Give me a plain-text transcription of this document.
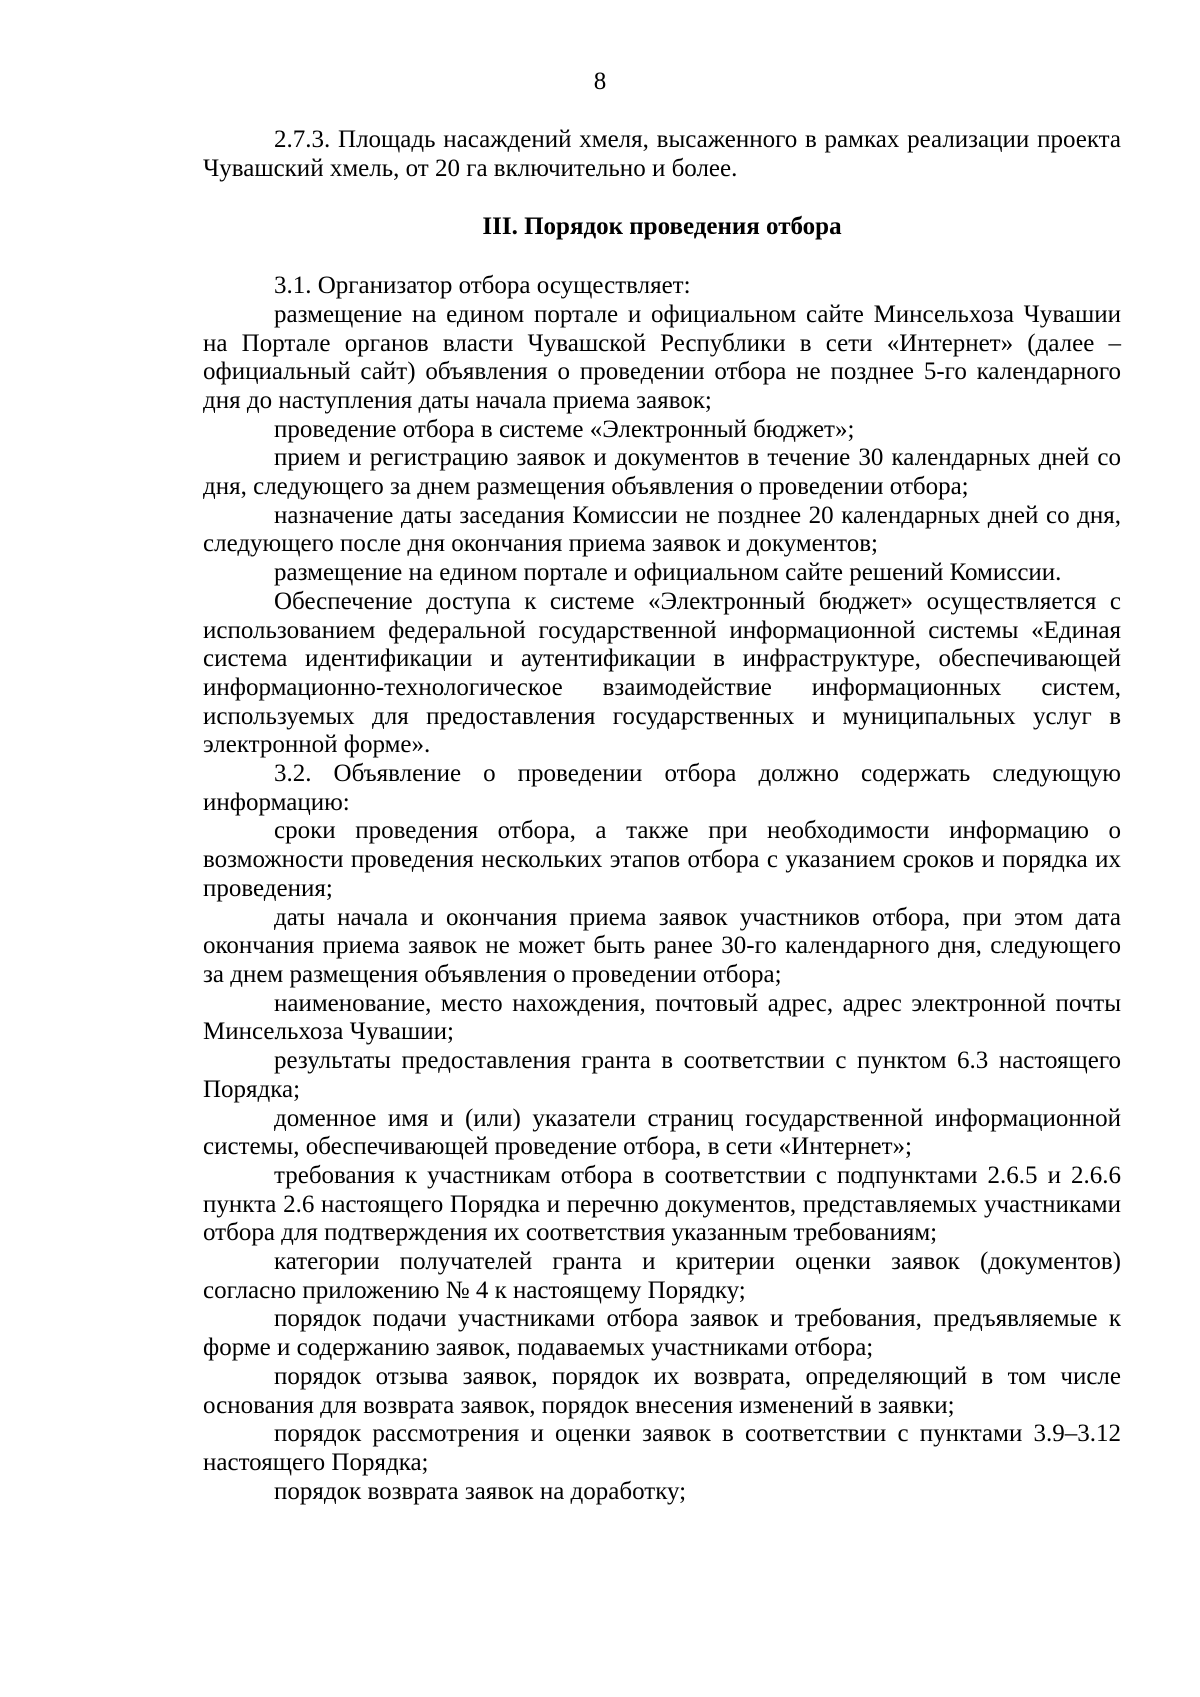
8

2.7.3. Площадь насаждений хмеля, высаженного в рамках реализации проекта Чувашский хмель, от 20 га включительно и более.

III. Порядок проведения отбора

3.1. Организатор отбора осуществляет:

размещение на едином портале и официальном сайте Минсельхоза Чувашии на Портале органов власти Чувашской Республики в сети «Интернет» (далее – официальный сайт) объявления о проведении отбора не позднее 5-го календарного дня до наступления даты начала приема заявок;

проведение отбора в системе «Электронный бюджет»;

прием и регистрацию заявок и документов в течение 30 календарных дней со дня, следующего за днем размещения объявления о проведении отбора;

назначение даты заседания Комиссии не позднее 20 календарных дней со дня, следующего после дня окончания приема заявок и документов;

размещение на едином портале и официальном сайте решений Комиссии.

Обеспечение доступа к системе «Электронный бюджет» осуществляется с использованием федеральной государственной информационной системы «Единая система идентификации и аутентификации в инфраструктуре, обеспечивающей информационно-технологическое взаимодействие информационных систем, используемых для предоставления государственных и муниципальных услуг в электронной форме».

3.2. Объявление о проведении отбора должно содержать следующую информацию:

сроки проведения отбора, а также при необходимости информацию о возможности проведения нескольких этапов отбора с указанием сроков и порядка их проведения;

даты начала и окончания приема заявок участников отбора, при этом дата окончания приема заявок не может быть ранее 30-го календарного дня, следующего за днем размещения объявления о проведении отбора;

наименование, место нахождения, почтовый адрес, адрес электронной почты Минсельхоза Чувашии;

результаты предоставления гранта в соответствии с пунктом 6.3 настоящего Порядка;

доменное имя и (или) указатели страниц государственной информационной системы, обеспечивающей проведение отбора, в сети «Интернет»;

требования к участникам отбора в соответствии с подпунктами 2.6.5 и 2.6.6 пункта 2.6 настоящего Порядка и перечню документов, представляемых участниками отбора для подтверждения их соответствия указанным требованиям;

категории получателей гранта и критерии оценки заявок (документов) согласно приложению № 4 к настоящему Порядку;

порядок подачи участниками отбора заявок и требования, предъявляемые к форме и содержанию заявок, подаваемых участниками отбора;

порядок отзыва заявок, порядок их возврата, определяющий в том числе основания для возврата заявок, порядок внесения изменений в заявки;

порядок рассмотрения и оценки заявок в соответствии с пунктами 3.9–3.12 настоящего Порядка;

порядок возврата заявок на доработку;
